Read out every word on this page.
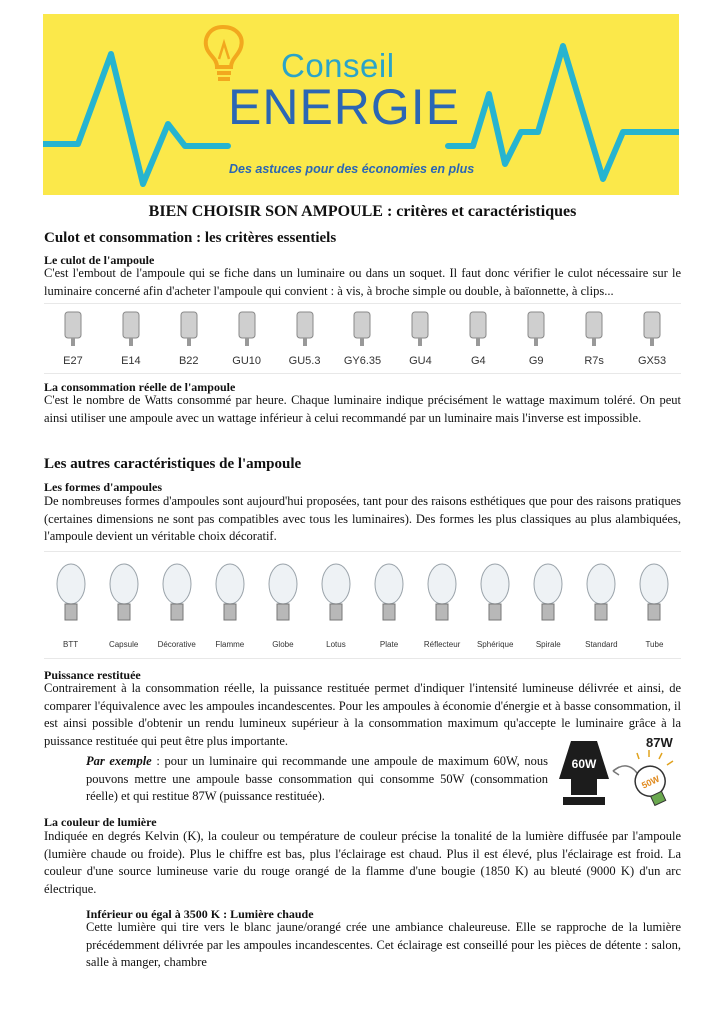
Conseil
ENERGIE
Des astuces pour des économies en plus
BIEN CHOISIR SON AMPOULE : critères et caractéristiques
Culot et consommation : les critères essentiels
Le culot de l'ampoule
C'est l'embout de l'ampoule qui se fiche dans un luminaire ou dans un soquet. Il faut donc vérifier le culot nécessaire sur le luminaire concerné afin d'acheter l'ampoule qui convient : à vis, à broche simple ou double, à baïonnette, à clips...
E27	E14	B22	GU10	GU5.3	GY6.35	GU4	G4	G9	R7s	GX53
La consommation réelle de l'ampoule
C'est le nombre de Watts consommé par heure. Chaque luminaire indique précisément le wattage maximum toléré. On peut ainsi utiliser une ampoule avec un wattage inférieur à celui recommandé par un luminaire mais l'inverse est impossible.
Les autres caractéristiques de l'ampoule
Les formes d'ampoules
De nombreuses formes d'ampoules sont aujourd'hui proposées, tant pour des raisons esthétiques que pour des raisons pratiques (certaines dimensions ne sont pas compatibles avec tous les luminaires). Des formes les plus classiques au plus alambiquées, l'ampoule devient un véritable choix décoratif.
BTT	Capsule	Décorative	Flamme	Globe	Lotus	Plate	Réflecteur	Sphérique	Spirale	Standard	Tube
Puissance restituée
Contrairement à la consommation réelle, la puissance restituée permet d'indiquer l'intensité lumineuse délivrée et ainsi, de comparer l'équivalence avec les ampoules incandescentes. Pour les ampoules à économie d'énergie et à basse consommation, il est ainsi possible d'obtenir un rendu lumineux supérieur à la consommation maximum qu'accepte le luminaire grâce à la puissance restituée qui peut être plus importante.
Par exemple : pour un luminaire qui recommande une ampoule de maximum 60W, nous pouvons mettre une ampoule basse consommation qui consomme 50W (consommation réelle) et qui restitue 87W (puissance restituée).
60W
50W
87W
La couleur de lumière
Indiquée en degrés Kelvin (K), la couleur ou température de couleur précise la tonalité de la lumière diffusée par l'ampoule (lumière chaude ou froide). Plus le chiffre est bas, plus l'éclairage est chaud. Plus il est élevé, plus l'éclairage est froid. La couleur d'une source lumineuse varie du rouge orangé de la flamme d'une bougie (1850 K) au bleuté (9000 K) d'un arc électrique.
Inférieur ou égal à 3500 K : Lumière chaude
Cette lumière qui tire vers le blanc jaune/orangé crée une ambiance chaleureuse. Elle se rapproche de la lumière précédemment délivrée par les ampoules incandescentes. Cet éclairage est conseillé pour les pièces de détente : salon, salle à manger, chambre
